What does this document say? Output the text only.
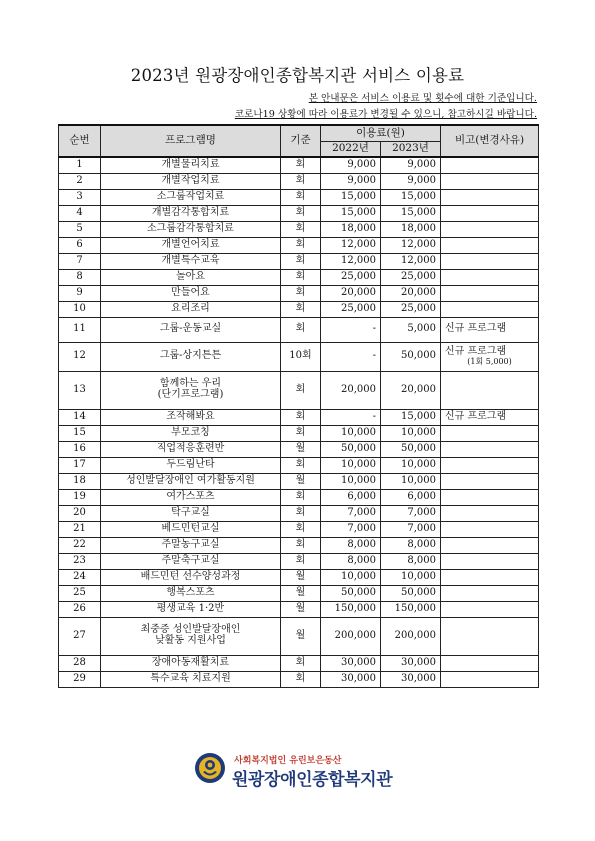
2023년 원광장애인종합복지관 서비스 이용료
본 안내문은 서비스 이용료 및 횟수에 대한 기준입니다.
코로나19 상황에 따라 이용료가 변경될 수 있으니, 참고하시길 바랍니다.
순번	프로그램명	기준	이용료(원)		비고(변경사유)
			2022년	2023년	
1	개별물리치료	회	9,000	9,000	
2	개별작업치료	회	9,000	9,000	
3	소그룹작업치료	회	15,000	15,000	
4	개별감각통합치료	회	15,000	15,000	
5	소그룹감각통합치료	회	18,000	18,000	
6	개별언어치료	회	12,000	12,000	
7	개별특수교육	회	12,000	12,000	
8	놀아요	회	25,000	25,000	
9	만들어요	회	20,000	20,000	
10	요리조리	회	25,000	25,000	
11	그룹-운동교실	회	-	5,000	신규 프로그램
12	그룹-상지튼튼	10회	-	50,000	신규 프로그램
(1회 5,000)

13	함께하는 우리
(단기프로그램)	회	20,000	20,000	
14	조작해봐요	회	-	15,000	신규 프로그램
15	부모코칭	회	10,000	10,000	
16	직업적응훈련반	월	50,000	50,000	
17	두드림난타	회	10,000	10,000	
18	성인발달장애인 여가활동지원	월	10,000	10,000	
19	여가스포츠	회	6,000	6,000	
20	탁구교실	회	7,000	7,000	
21	베드민턴교실	회	7,000	7,000	
22	주말농구교실	회	8,000	8,000	
23	주말축구교실	회	8,000	8,000	
24	배드민턴 선수양성과정	월	10,000	10,000	
25	행복스포츠	월	50,000	50,000	
26	평생교육 1·2반	월	150,000	150,000	
27	최중증 성인발달장애인
낮활동 지원사업	월	200,000	200,000	
28	장애아동재활치료	회	30,000	30,000	
29	특수교육 치료지원	회	30,000	30,000	
사회복지법인 유린보은동산
원광장애인종합복지관
